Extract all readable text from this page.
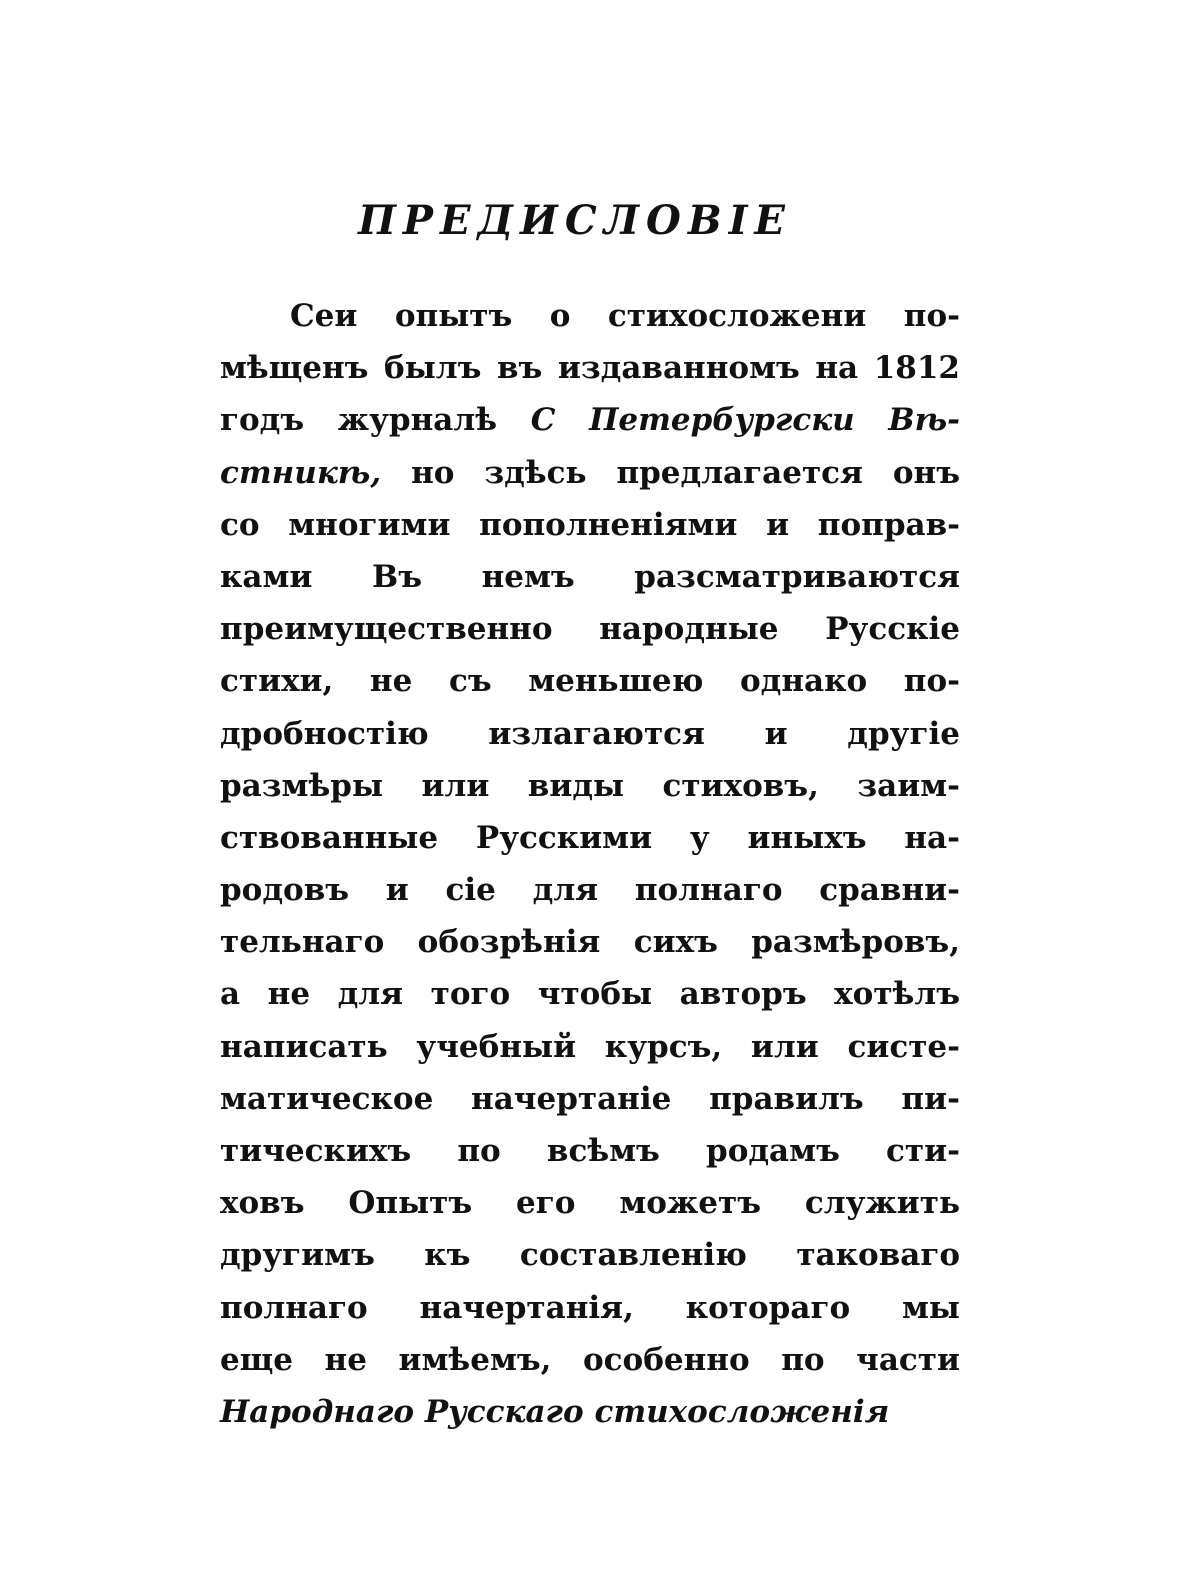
ПРЕДИСЛОВІЕ
Сеи опытъ о стихосложени по-
мѣщенъ былъ въ издаванномъ на 1812
годъ журналѣ С Петербургски Вѣ-
стникѣ, но здѣсь предлагается онъ
со многими пополненіями и поправ-
ками Въ немъ разсматриваются
преимущественно народные Русскіе
стихи, не съ меньшею однако по-
дробностію излагаются и другіе
размѣры или виды стиховъ, заим-
ствованные Русскими у иныхъ на-
родовъ и сіе для полнаго сравни-
тельнаго обозрѣнія сихъ размѣровъ,
а не для того чтобы авторъ хотѣлъ
написать учебный курсъ, или систе-
матическое начертаніе правилъ пи-
тическихъ по всѣмъ родамъ сти-
ховъ Опытъ его можетъ служить
другимъ къ составленію таковаго
полнаго начертанія, котораго мы
еще не имѣемъ, особенно по части
Народнаго Русскаго стихосложенія
